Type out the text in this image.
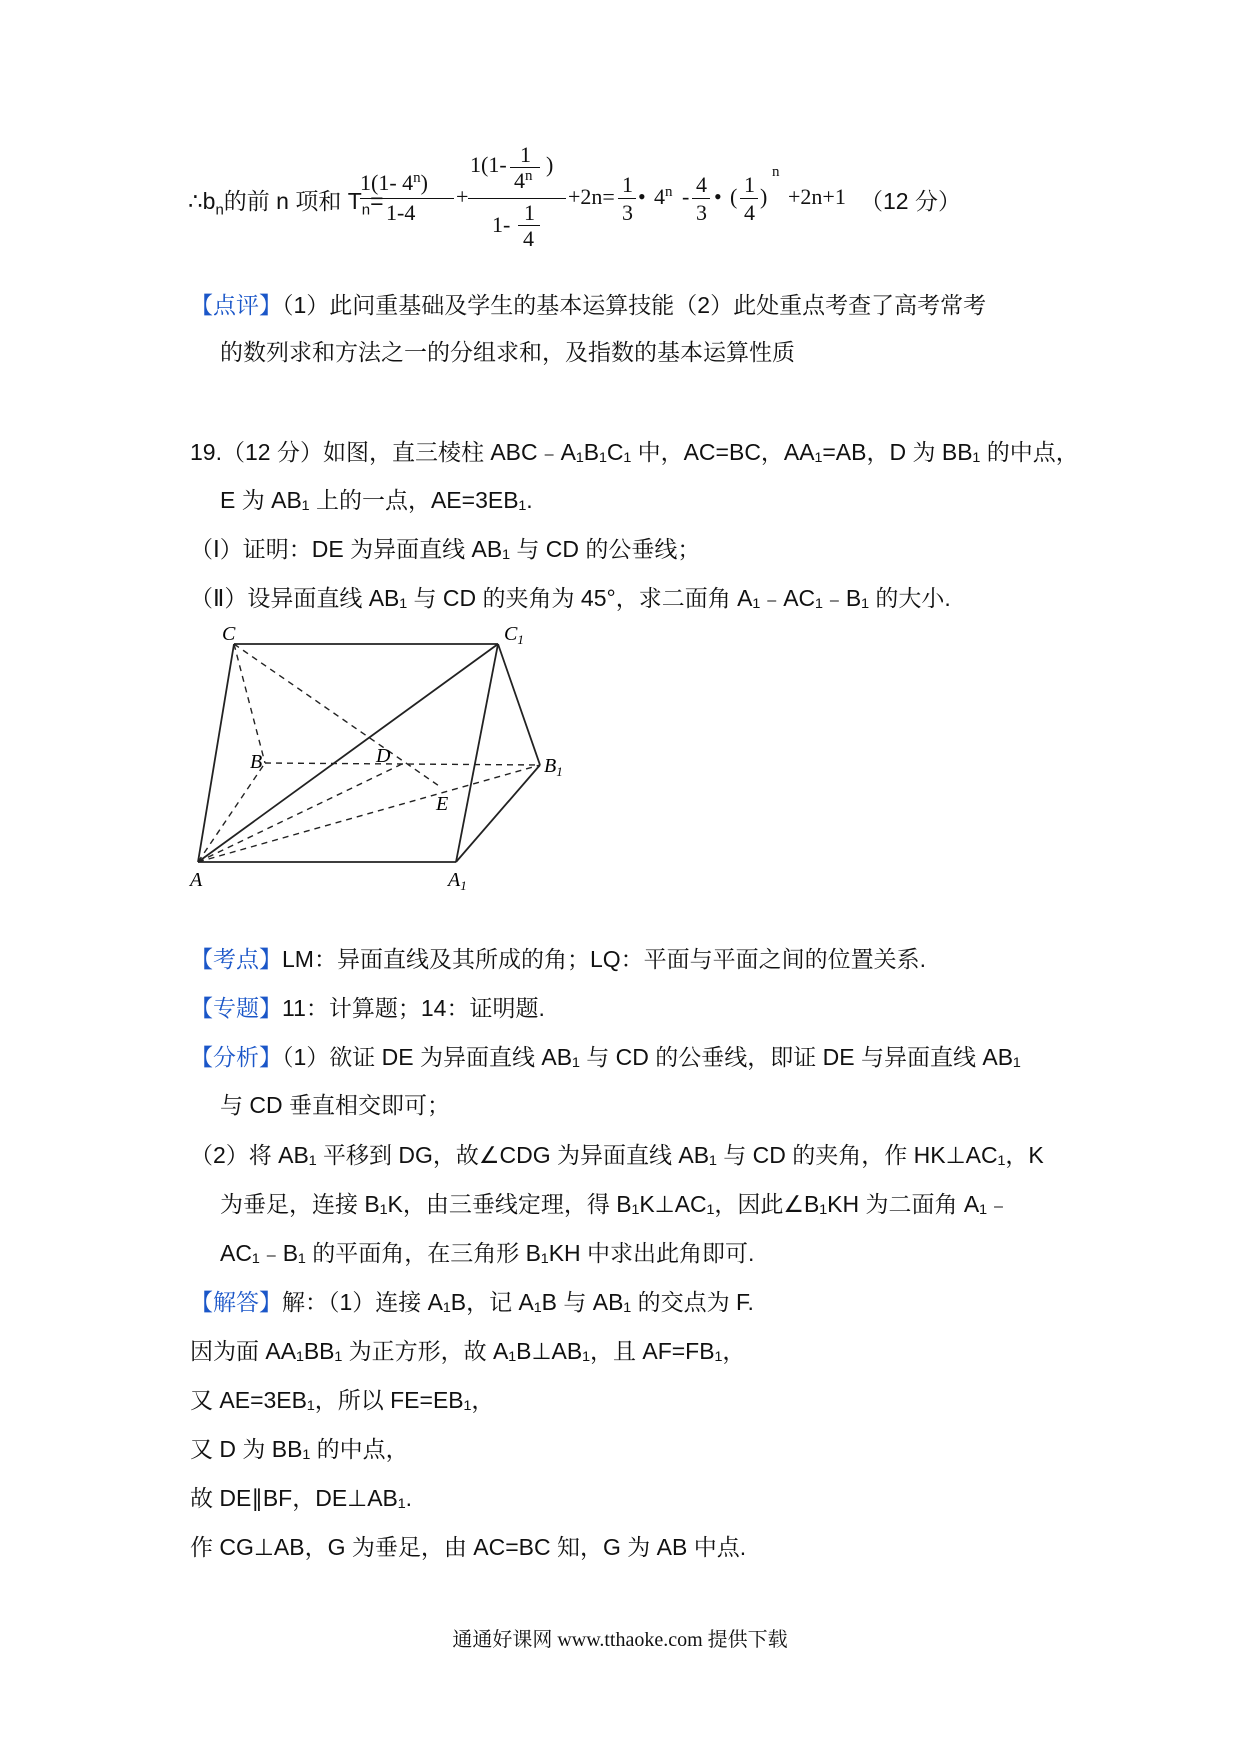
$\therefore b_n$的前 n 项和 $T_n=$
1(1- 4$^n$)
1-4
+
1(1- 1
4$^n$ )
1- 1
4
+2n= 1
3
• 4$^n$ - 4
3
• ( 1
4
)
n
+2n+1 （12 分）
【点评】（1）此问重基础及学生的基本运算技能（2）此处重点考查了高考常考
的数列求和方法之一的分组求和，及指数的基本运算性质
19.（12 分）如图，直三棱柱 ABC﹣A₁B₁C₁ 中，AC=BC，AA₁=AB，D 为 BB₁ 的中点，
E 为 AB₁ 上的一点，AE=3EB₁.
（Ⅰ）证明：DE 为异面直线 AB₁ 与 CD 的公垂线；
（Ⅱ）设异面直线 AB₁ 与 CD 的夹角为 45°，求二面角 A₁﹣AC₁﹣B₁ 的大小.
C	$C_1$
B	$B_1$
D
E
A	$A_1$
【考点】LM：异面直线及其所成的角；LQ：平面与平面之间的位置关系.
【专题】11：计算题；14：证明题.
【分析】（1）欲证 DE 为异面直线 AB₁ 与 CD 的公垂线，即证 DE 与异面直线 AB₁
与 CD 垂直相交即可；
（2）将 AB₁ 平移到 DG，故∠CDG 为异面直线 AB₁ 与 CD 的夹角，作 HK⊥AC₁，K
为垂足，连接 B₁K，由三垂线定理，得 B₁K⊥AC₁，因此∠B₁KH 为二面角 A₁﹣
AC₁﹣B₁ 的平面角，在三角形 B₁KH 中求出此角即可.
【解答】解：（1）连接 A₁B，记 A₁B 与 AB₁ 的交点为 F.
因为面 AA₁BB₁ 为正方形，故 A₁B⊥AB₁，且 AF=FB₁，
又 AE=3EB₁，所以 FE=EB₁，
又 D 为 BB₁ 的中点，
故 DE∥BF，DE⊥AB₁.
作 CG⊥AB，G 为垂足，由 AC=BC 知，G 为 AB 中点.
通通好课网 www.tthaoke.com 提供下载
